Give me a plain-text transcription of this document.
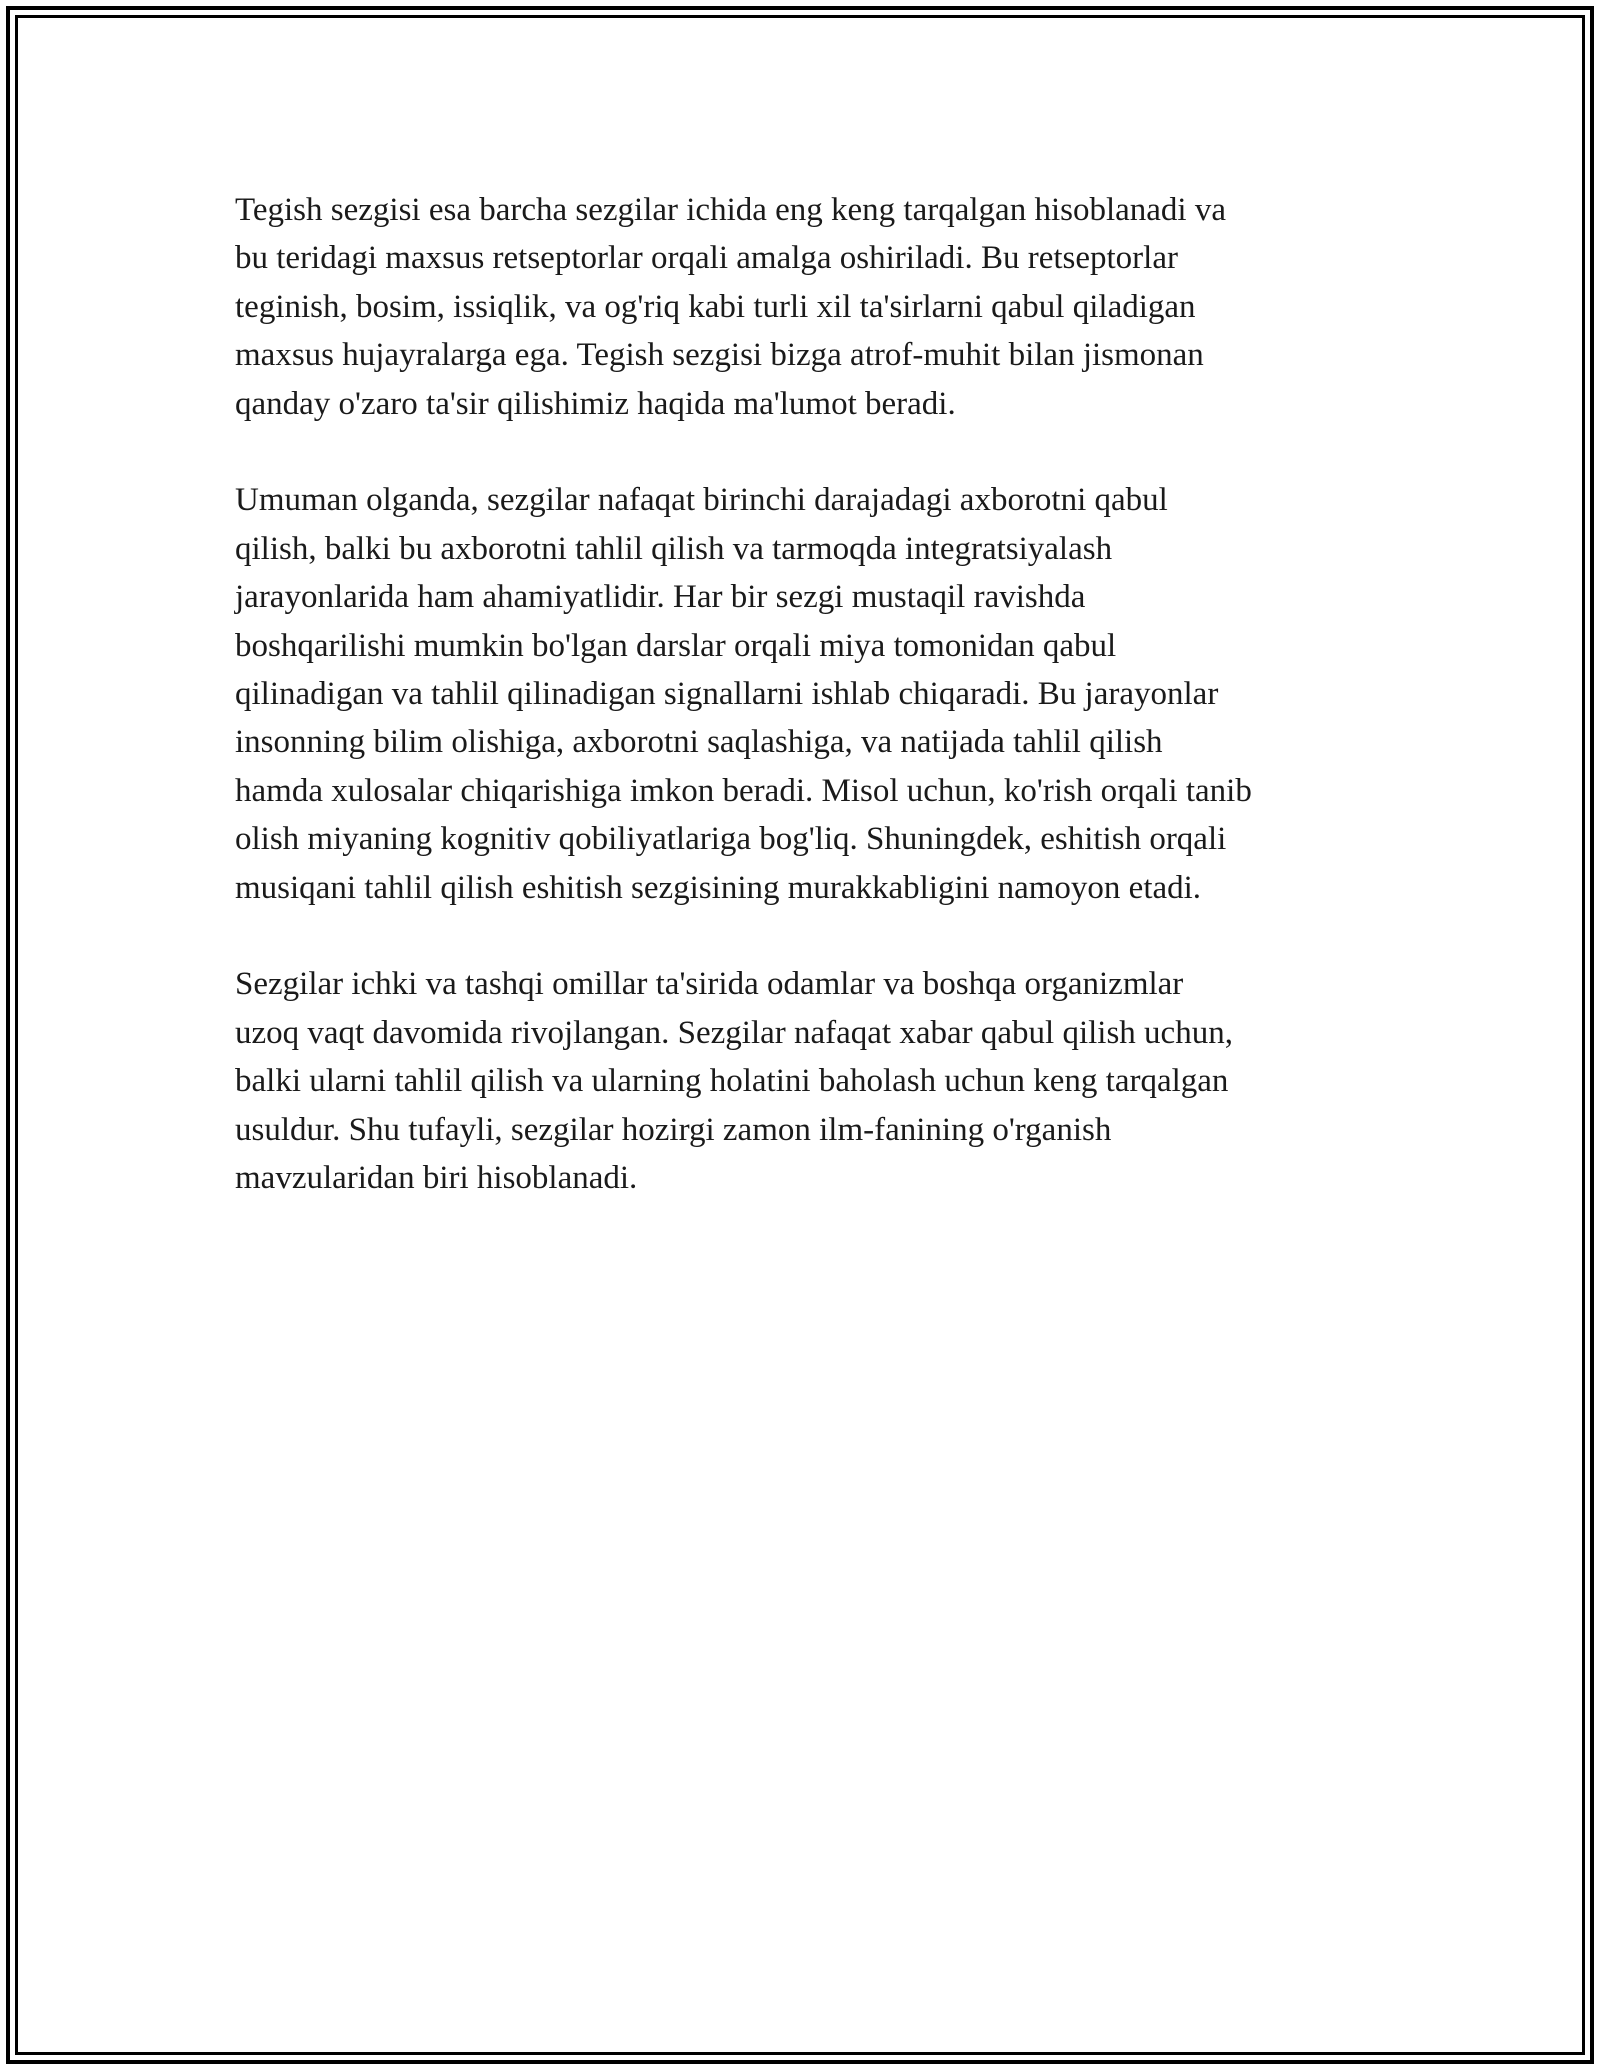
Tegish sezgisi esa barcha sezgilar ichida eng keng tarqalgan hisoblanadi va
bu teridagi maxsus retseptorlar orqali amalga oshiriladi. Bu retseptorlar
teginish, bosim, issiqlik, va og'riq kabi turli xil ta'sirlarni qabul qiladigan
maxsus hujayralarga ega. Tegish sezgisi bizga atrof-muhit bilan jismonan
qanday o'zaro ta'sir qilishimiz haqida ma'lumot beradi.
Umuman olganda, sezgilar nafaqat birinchi darajadagi axborotni qabul
qilish, balki bu axborotni tahlil qilish va tarmoqda integratsiyalash
jarayonlarida ham ahamiyatlidir. Har bir sezgi mustaqil ravishda
boshqarilishi mumkin bo'lgan darslar orqali miya tomonidan qabul
qilinadigan va tahlil qilinadigan signallarni ishlab chiqaradi. Bu jarayonlar
insonning bilim olishiga, axborotni saqlashiga, va natijada tahlil qilish
hamda xulosalar chiqarishiga imkon beradi. Misol uchun, ko'rish orqali tanib
olish miyaning kognitiv qobiliyatlariga bog'liq. Shuningdek, eshitish orqali
musiqani tahlil qilish eshitish sezgisining murakkabligini namoyon etadi.
Sezgilar ichki va tashqi omillar ta'sirida odamlar va boshqa organizmlar
uzoq vaqt davomida rivojlangan. Sezgilar nafaqat xabar qabul qilish uchun,
balki ularni tahlil qilish va ularning holatini baholash uchun keng tarqalgan
usuldur. Shu tufayli, sezgilar hozirgi zamon ilm-fanining o'rganish
mavzularidan biri hisoblanadi.
